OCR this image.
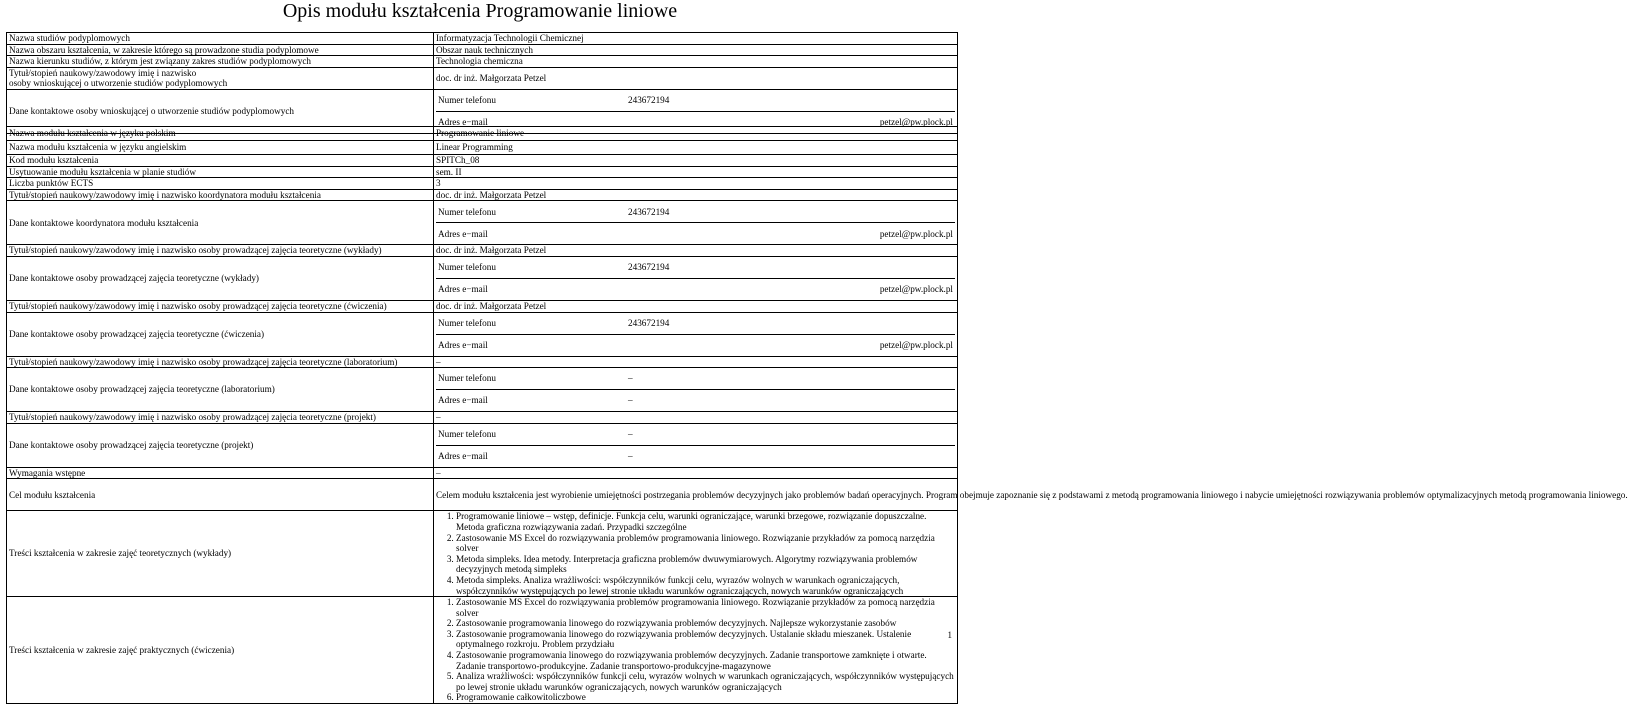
Opis modułu kształcenia Programowanie liniowe
Nazwa studiów podyplomowych	Informatyzacja Technologii Chemicznej
Nazwa obszaru kształcenia, w zakresie którego są prowadzone studia podyplomowe	Obszar nauk technicznych
Nazwa kierunku studiów, z którym jest związany zakres studiów podyplomowych	Technologia chemiczna

Tytuł/stopień naukowy/zawodowy imię i nazwisko
osoby wnioskującej o utworzenie studiów podyplomowych
	doc. dr inż. Małgorzata Petzel
Dane kontaktowe osoby wnioskującej o utworzenie studiów podyplomowych	
Numer telefonu	243672194
Adres e−mail	petzel@pw.plock.pl
Nazwa modułu kształcenia w języku polskim	Programowanie liniowe
Nazwa modułu kształcenia w języku angielskim	Linear Programming
Kod modułu kształcenia	SPITCh_08
Usytuowanie modułu kształcenia w planie studiów	sem. II
Liczba punktów ECTS	3
Tytuł/stopień naukowy/zawodowy imię i nazwisko koordynatora modułu kształcenia	doc. dr inż. Małgorzata Petzel
Dane kontaktowe koordynatora modułu kształcenia	
Numer telefonu	243672194
Adres e−mail	petzel@pw.plock.pl

Tytuł/stopień naukowy/zawodowy imię i nazwisko osoby prowadzącej zajęcia teoretyczne (wykłady)	doc. dr inż. Małgorzata Petzel
Dane kontaktowe osoby prowadzącej zajęcia teoretyczne (wykłady)	
Numer telefonu	243672194
Adres e−mail	petzel@pw.plock.pl

Tytuł/stopień naukowy/zawodowy imię i nazwisko osoby prowadzącej zajęcia teoretyczne (ćwiczenia)	doc. dr inż. Małgorzata Petzel
Dane kontaktowe osoby prowadzącej zajęcia teoretyczne (ćwiczenia)	
Numer telefonu	243672194
Adres e−mail	petzel@pw.plock.pl

Tytuł/stopień naukowy/zawodowy imię i nazwisko osoby prowadzącej zajęcia teoretyczne (laboratorium)	–
Dane kontaktowe osoby prowadzącej zajęcia teoretyczne (laboratorium)	
Numer telefonu	–
Adres e−mail	–

Tytuł/stopień naukowy/zawodowy imię i nazwisko osoby prowadzącej zajęcia teoretyczne (projekt)	–
Dane kontaktowe osoby prowadzącej zajęcia teoretyczne (projekt)	
Numer telefonu	–
Adres e−mail	–

Wymagania wstępne	–
Cel modułu kształcenia	Celem modułu kształcenia jest wyrobienie umiejętności postrzegania problemów decyzyjnych jako problemów badań operacyjnych. Program obejmuje zapoznanie się z podstawami z metodą programowania liniowego i nabycie umiejętności rozwiązywania problemów optymalizacyjnych metodą programowania liniowego.
Treści kształcenia w zakresie zajęć teoretycznych (wykłady)	
1. Programowanie liniowe – wstęp, definicje. Funkcja celu, warunki ograniczające, warunki brzegowe, rozwiązanie dopuszczalne. Metoda graficzna rozwiązywania zadań. Przypadki szczególne
2. Zastosowanie MS Excel do rozwiązywania problemów programowania liniowego. Rozwiązanie przykładów za pomocą narzędzia solver
3. Metoda simpleks. Idea metody. Interpretacja graficzna problemów dwuwymiarowych. Algorytmy rozwiązywania problemów decyzyjnych metodą simpleks
4. Metoda simpleks. Analiza wrażliwości: współczynników funkcji celu, wyrazów wolnych w warunkach ograniczających, współczynników występujących po lewej stronie układu warunków ograniczających, nowych warunków ograniczających

Treści kształcenia w zakresie zajęć praktycznych (ćwiczenia)	
1. Zastosowanie MS Excel do rozwiązywania problemów programowania liniowego. Rozwiązanie przykładów za pomocą narzędzia solver
2. Zastosowanie programowania linowego do rozwiązywania problemów decyzyjnych. Najlepsze wykorzystanie zasobów
3. Zastosowanie programowania linowego do rozwiązywania problemów decyzyjnych. Ustalanie składu mieszanek. Ustalenie optymalnego rozkroju. Problem przydziału
4. Zastosowanie programowania linowego do rozwiązywania problemów decyzyjnych. Zadanie transportowe zamknięte i otwarte. Zadanie transportowo-produkcyjne. Zadanie transportowo-produkcyjne-magazynowe
5. Analiza wrażliwości: współczynników funkcji celu, wyrazów wolnych w warunkach ograniczających, współczynników występujących po lewej stronie układu warunków ograniczających, nowych warunków ograniczających
6. Programowanie całkowitoliczbowe
1
